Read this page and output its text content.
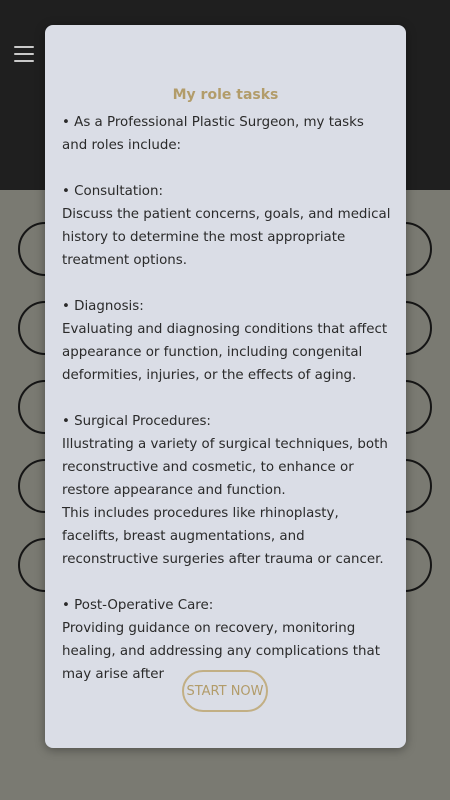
My role tasks

• As a Professional Plastic Surgeon, my tasks and roles include:

• Consultation:

Discuss the patient concerns, goals, and medical history to determine the most appropriate treatment options.

• Diagnosis:

Evaluating and diagnosing conditions that affect appearance or function, including congenital deformities, injuries, or the effects of aging.

• Surgical Procedures:

Illustrating a variety of surgical techniques, both reconstructive and cosmetic, to enhance or restore appearance and function.

This includes procedures like rhinoplasty, facelifts, breast augmentations, and reconstructive surgeries after trauma or cancer.

• Post-Operative Care:

Providing guidance on recovery, monitoring healing, and addressing any complications that may arise after

START NOW
